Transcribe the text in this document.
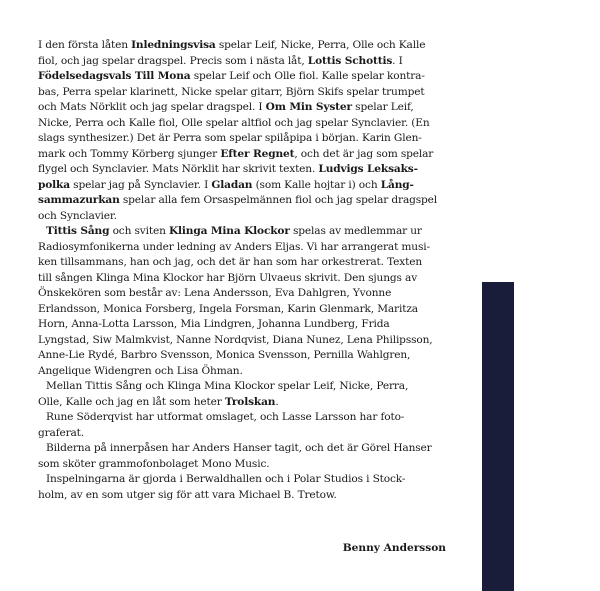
I den första låten Inledningsvisa spelar Leif, Nicke, Perra, Olle och Kalle
fiol, och jag spelar dragspel. Precis som i nästa låt, Lottis Schottis. I
Födelsedagsvals Till Mona spelar Leif och Olle fiol. Kalle spelar kontra-
bas, Perra spelar klarinett, Nicke spelar gitarr, Björn Skifs spelar trumpet
och Mats Nörklit och jag spelar dragspel. I Om Min Syster spelar Leif,
Nicke, Perra och Kalle fiol, Olle spelar altfiol och jag spelar Synclavier. (En
slags synthesizer.) Det är Perra som spelar spilåpipa i början. Karin Glen-
mark och Tommy Körberg sjunger Efter Regnet, och det är jag som spelar
flygel och Synclavier. Mats Nörklit har skrivit texten. Ludvigs Leksaks-
polka spelar jag på Synclavier. I Gladan (som Kalle hojtar i) och Lång-
sammazurkan spelar alla fem Orsaspelmännen fiol och jag spelar dragspel
och Synclavier.
Tittis Sång och sviten Klinga Mina Klockor spelas av medlemmar ur
Radiosymfonikerna under ledning av Anders Eljas. Vi har arrangerat musi-
ken tillsammans, han och jag, och det är han som har orkestrerat. Texten
till sången Klinga Mina Klockor har Björn Ulvaeus skrivit. Den sjungs av
Önskekören som består av: Lena Andersson, Eva Dahlgren, Yvonne
Erlandsson, Monica Forsberg, Ingela Forsman, Karin Glenmark, Maritza
Horn, Anna-Lotta Larsson, Mia Lindgren, Johanna Lundberg, Frida
Lyngstad, Siw Malmkvist, Nanne Nordqvist, Diana Nunez, Lena Philipsson,
Anne-Lie Rydé, Barbro Svensson, Monica Svensson, Pernilla Wahlgren,
Angelique Widengren och Lisa Öhman.
Mellan Tittis Sång och Klinga Mina Klockor spelar Leif, Nicke, Perra,
Olle, Kalle och jag en låt som heter Trolskan.
Rune Söderqvist har utformat omslaget, och Lasse Larsson har foto-
graferat.
Bilderna på innerpåsen har Anders Hanser tagit, och det är Görel Hanser
som sköter grammofonbolaget Mono Music.
Inspelningarna är gjorda i Berwaldhallen och i Polar Studios i Stock-
holm, av en som utger sig för att vara Michael B. Tretow.
Benny Andersson
